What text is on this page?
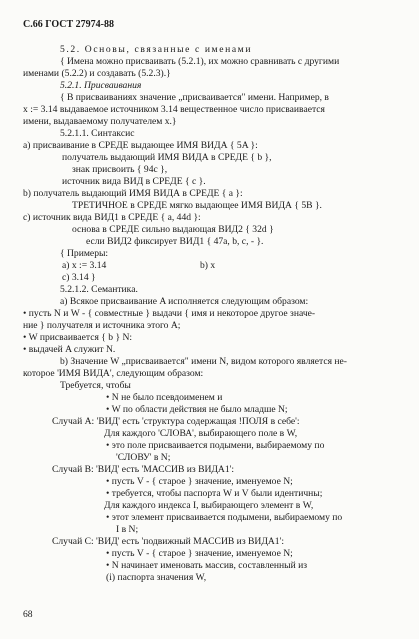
С.66 ГОСТ 27974-88
5.2. Основы, связанные с именами
{ Имена можно присваивать (5.2.1), их можно сравнивать с другими
именами (5.2.2) и создавать (5.2.3).}
5.2.1. Присваивания
{ В присваиваниях значение „присваивается" имени. Например, в
x := 3.14 выдаваемое источником 3.14 вещественное число присваивается
имени, выдаваемому получателем x.}
5.2.1.1. Синтаксис
a) присваивание в СРЕДЕ выдающее ИМЯ ВИДА { 5A }:
получатель выдающий ИМЯ ВИДА в СРЕДЕ { b },
знак присвоить { 94c },
источник вида ВИД в СРЕДЕ { c }.
b) получатель выдающий ИМЯ ВИДА в СРЕДЕ { a }:
ТРЕТИЧНОЕ в СРЕДЕ мягко выдающее ИМЯ ВИДА { 5B }.
c) источник вида ВИД1 в СРЕДЕ { a, 44d }:
основа в СРЕДЕ сильно выдающая ВИД2 { 32d }
если ВИД2 фиксирует ВИД1 { 47a, b, c, - }.
{ Примеры:
a) x := 3.14	b) x
c) 3.14 }
5.2.1.2. Семантика.
a) Всякое присваивание A исполняется следующим образом:
• пусть N и W - { совместные } выдачи { имя и некоторое другое значе-
ние } получателя и источника этого A;
• W присваивается { b } N:
• выдачей A служит N.
b) Значение W „присваивается" имени N, видом которого является не-
которое 'ИМЯ ВИДА', следующим образом:
Требуется, чтобы
• N не было псевдоименем и
• W по области действия не было младше N;
Случай A: 'ВИД' есть 'структура содержащая !ПОЛЯ в себе':
Для каждого 'СЛОВА', выбирающего поле в W,
• это поле присваивается подымени, выбираемому по
'СЛОВУ' в N;
Случай B: 'ВИД' есть 'МАССИВ из ВИДА1':
• пусть V - { старое } значение, именуемое N;
• требуется, чтобы паспорта W и V были идентичны;
Для каждого индекса I, выбирающего элемент в W,
• этот элемент присваивается подымени, выбираемому по
I в N;
Случай C: 'ВИД' есть 'подвижный МАССИВ из ВИДА1':
• пусть V - { старое } значение, именуемое N;
• N начинает именовать массив, составленный из
(i) паспорта значения W,
68
